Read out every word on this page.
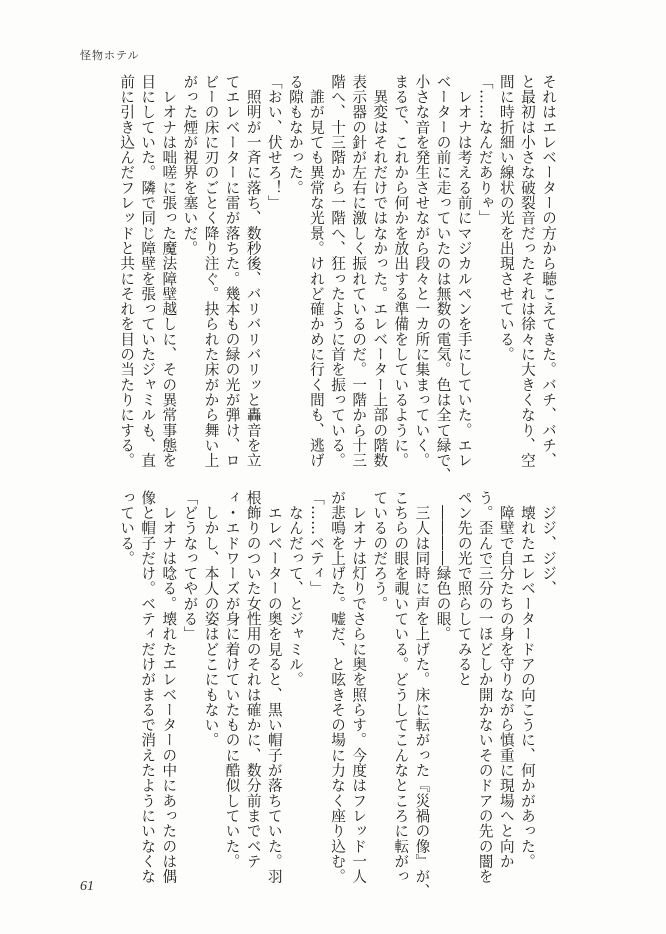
怪物ホテル
それはエレベーターの方から聴こえてきた。バチ、バチ、
と最初は小さな破裂音だったそれは徐々に大きくなり、空
間に時折細い線状の光を出現させている。
「……なんだありゃ」
　レオナは考える前にマジカルペンを手にしていた。エレ
ベーターの前に走っていたのは無数の電気。色は全て緑で、
小さな音を発生させながら段々と一カ所に集まっていく。
まるで、これから何かを放出する準備をしているように。
　異変はそれだけではなかった。エレベーター上部の階数
表示器の針が左右に激しく振れているのだ。一階から十三
階へ、十三階から一階へ、狂ったように首を振っている。
　誰が見ても異常な光景。けれど確かめに行く間も、逃げ
る隙もなかった。
「おい、伏せろ！」
　照明が一斉に落ち、数秒後、バリバリバリッと轟音を立
てエレベーターに雷が落ちた。幾本もの緑の光が弾け、ロ
ビーの床に刃のごとく降り注ぐ。抉られた床がから舞い上
がった煙が視界を塞いだ。
　レオナは咄嗟に張った魔法障壁越しに、その異常事態を
目にしていた。隣で同じ障壁を張っていたジャミルも、直
前に引き込んだフレッドと共にそれを目の当たりにする。
　ジジ、ジジ、
　壊れたエレベータードアの向こうに、何かがあった。
　障壁で自分たちの身を守りながら慎重に現場へと向か
う。歪んで三分の一ほどしか開かないそのドアの先の闇を
ペン先の光で照らしてみると
　――――緑色の眼。
　三人は同時に声を上げた。床に転がった『災禍の像』が、
こちらの眼を覗いている。どうしてこんなところに転がっ
ているのだろう。
　レオナは灯りでさらに奥を照らす。今度はフレッド一人
が悲鳴を上げた。嘘だ、と呟きその場に力なく座り込む。
「……ベティ」
　なんだって、とジャミル。
　エレベーターの奥を見ると、黒い帽子が落ちていた。羽
根飾りのついた女性用のそれは確かに、数分前までベテ
ィ・エドワーズが身に着けていたものに酷似していた。
　しかし、本人の姿はどこにもない。
「どうなってやがる」
　レオナは唸る。壊れたエレベーターの中にあったのは偶
像と帽子だけ。ベティだけがまるで消えたようにいなくな
っている。
61
